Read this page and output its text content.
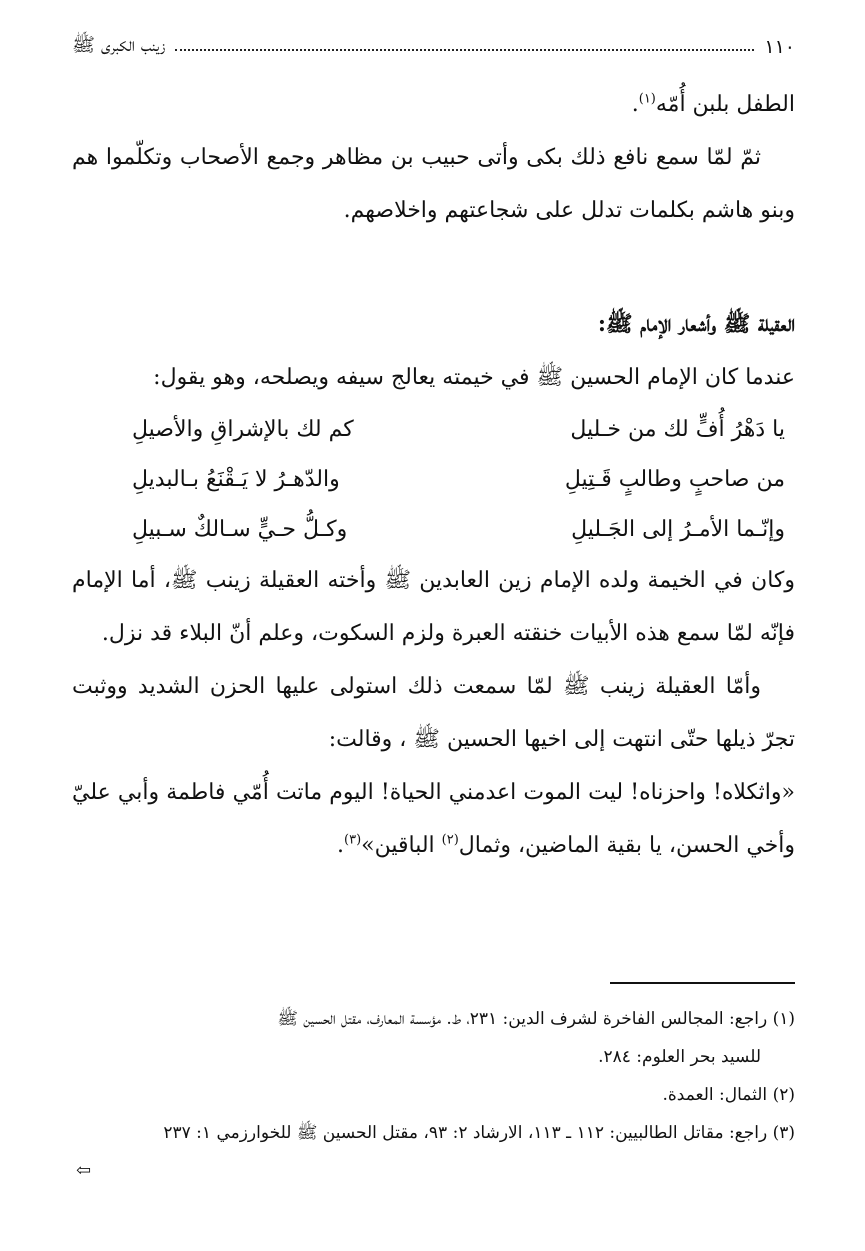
١١٠
زينب الكبرى ﷺ

الطفل بلبن أُمّه$^{(١)}$.

ثمّ لمّا سمع نافع ذلك بكى وأتى حبيب بن مظاهر وجمع الأصحاب وتكلّموا هم وبنو هاشم بكلمات تدلل على شجاعتهم واخلاصهم.

العقيلة ﷺ وأشعار الإمام ﷺ:

عندما كان الإمام الحسين ﷺ في خيمته يعالج سيفه ويصلحه، وهو يقول:

يا دَهْرُ أُفٍّ لك من خـليل
كم لك بالإشراقِ والأصيلِ
من صاحبٍ وطالبٍ قَـتِيلِ
والدّهـرُ لا يَـقْنَعُ بـالبديلِ
وإنّـما الأمـرُ إلى الجَـليلِ
وكـلُّ حـيٍّ سـالكٌ سـبيلِ

وكان في الخيمة ولده الإمام زين العابدين ﷺ وأخته العقيلة زينب ﷺ، أما الإمام فإنّه لمّا سمع هذه الأبيات خنقته العبرة ولزم السكوت، وعلم أنّ البلاء قد نزل.

وأمّا العقيلة زينب ﷺ لمّا سمعت ذلك استولى عليها الحزن الشديد ووثبت تجرّ ذيلها حتّى انتهت إلى اخيها الحسين ﷺ ، وقالت:

«واثكلاه! واحزناه! ليت الموت اعدمني الحياة! اليوم ماتت أُمّي فاطمة وأبي عليّ وأخي الحسن، يا بقية الماضين، وثمال$^{(٢)}$ الباقين»$^{(٣)}$.

(١) راجع: المجالس الفاخرة لشرف الدين: ٢٣١، ط. مؤسسة المعارف، مقتل الحسين ﷺ

للسيد بحر العلوم: ٢٨٤.

(٢) الثمال: العمدة.

(٣) راجع: مقاتل الطالبيين: ١١٢ ـ ١١٣، الارشاد ٢: ٩٣، مقتل الحسين ﷺ للخوارزمي ١: ٢٣٧

⇦
